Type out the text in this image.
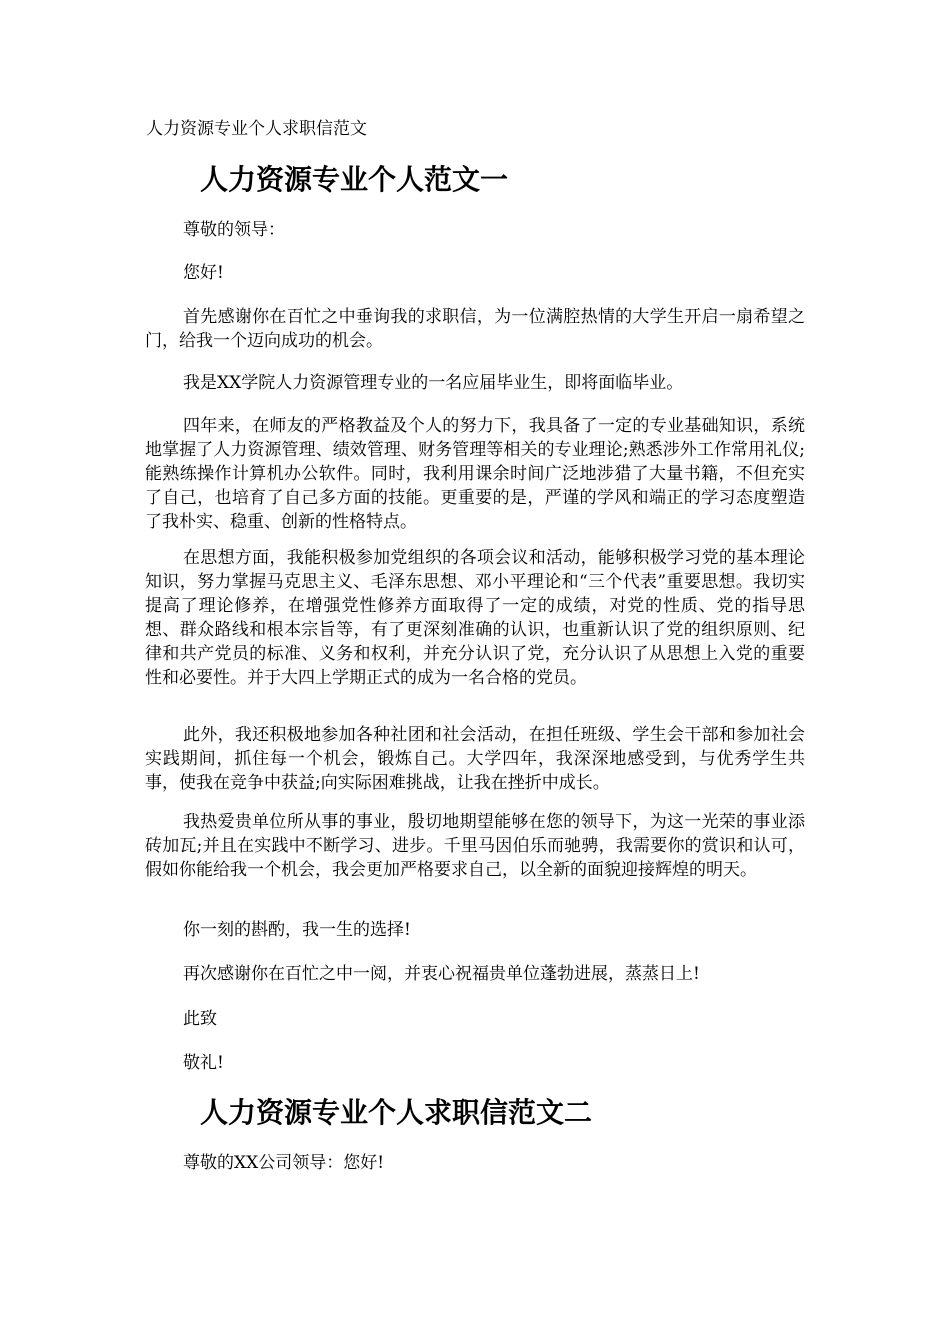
人力资源专业个人求职信范文

人力资源专业个人范文一

尊敬的领导：

您好!

首先感谢你在百忙之中垂询我的求职信，为一位满腔热情的大学生开启一扇希望之门，给我一个迈向成功的机会。

我是XX学院人力资源管理专业的一名应届毕业生，即将面临毕业。

四年来，在师友的严格教益及个人的努力下，我具备了一定的专业基础知识，系统地掌握了人力资源管理、绩效管理、财务管理等相关的专业理论;熟悉涉外工作常用礼仪;能熟练操作计算机办公软件。同时，我利用课余时间广泛地涉猎了大量书籍，不但充实了自己，也培育了自己多方面的技能。更重要的是，严谨的学风和端正的学习态度塑造了我朴实、稳重、创新的性格特点。

在思想方面，我能积极参加党组织的各项会议和活动，能够积极学习党的基本理论知识，努力掌握马克思主义、毛泽东思想、邓小平理论和“三个代表”重要思想。我切实提高了理论修养，在增强党性修养方面取得了一定的成绩，对党的性质、党的指导思想、群众路线和根本宗旨等，有了更深刻准确的认识，也重新认识了党的组织原则、纪律和共产党员的标准、义务和权利，并充分认识了党，充分认识了从思想上入党的重要性和必要性。并于大四上学期正式的成为一名合格的党员。

此外，我还积极地参加各种社团和社会活动，在担任班级、学生会干部和参加社会实践期间，抓住每一个机会，锻炼自己。大学四年，我深深地感受到，与优秀学生共事，使我在竞争中获益;向实际困难挑战，让我在挫折中成长。

我热爱贵单位所从事的事业，殷切地期望能够在您的领导下，为这一光荣的事业添砖加瓦;并且在实践中不断学习、进步。千里马因伯乐而驰骋，我需要你的赏识和认可，假如你能给我一个机会，我会更加严格要求自己，以全新的面貌迎接辉煌的明天。

你一刻的斟酌，我一生的选择!

再次感谢你在百忙之中一阅，并衷心祝福贵单位蓬勃进展，蒸蒸日上!

此致

敬礼!

人力资源专业个人求职信范文二

尊敬的XX公司领导：您好!
